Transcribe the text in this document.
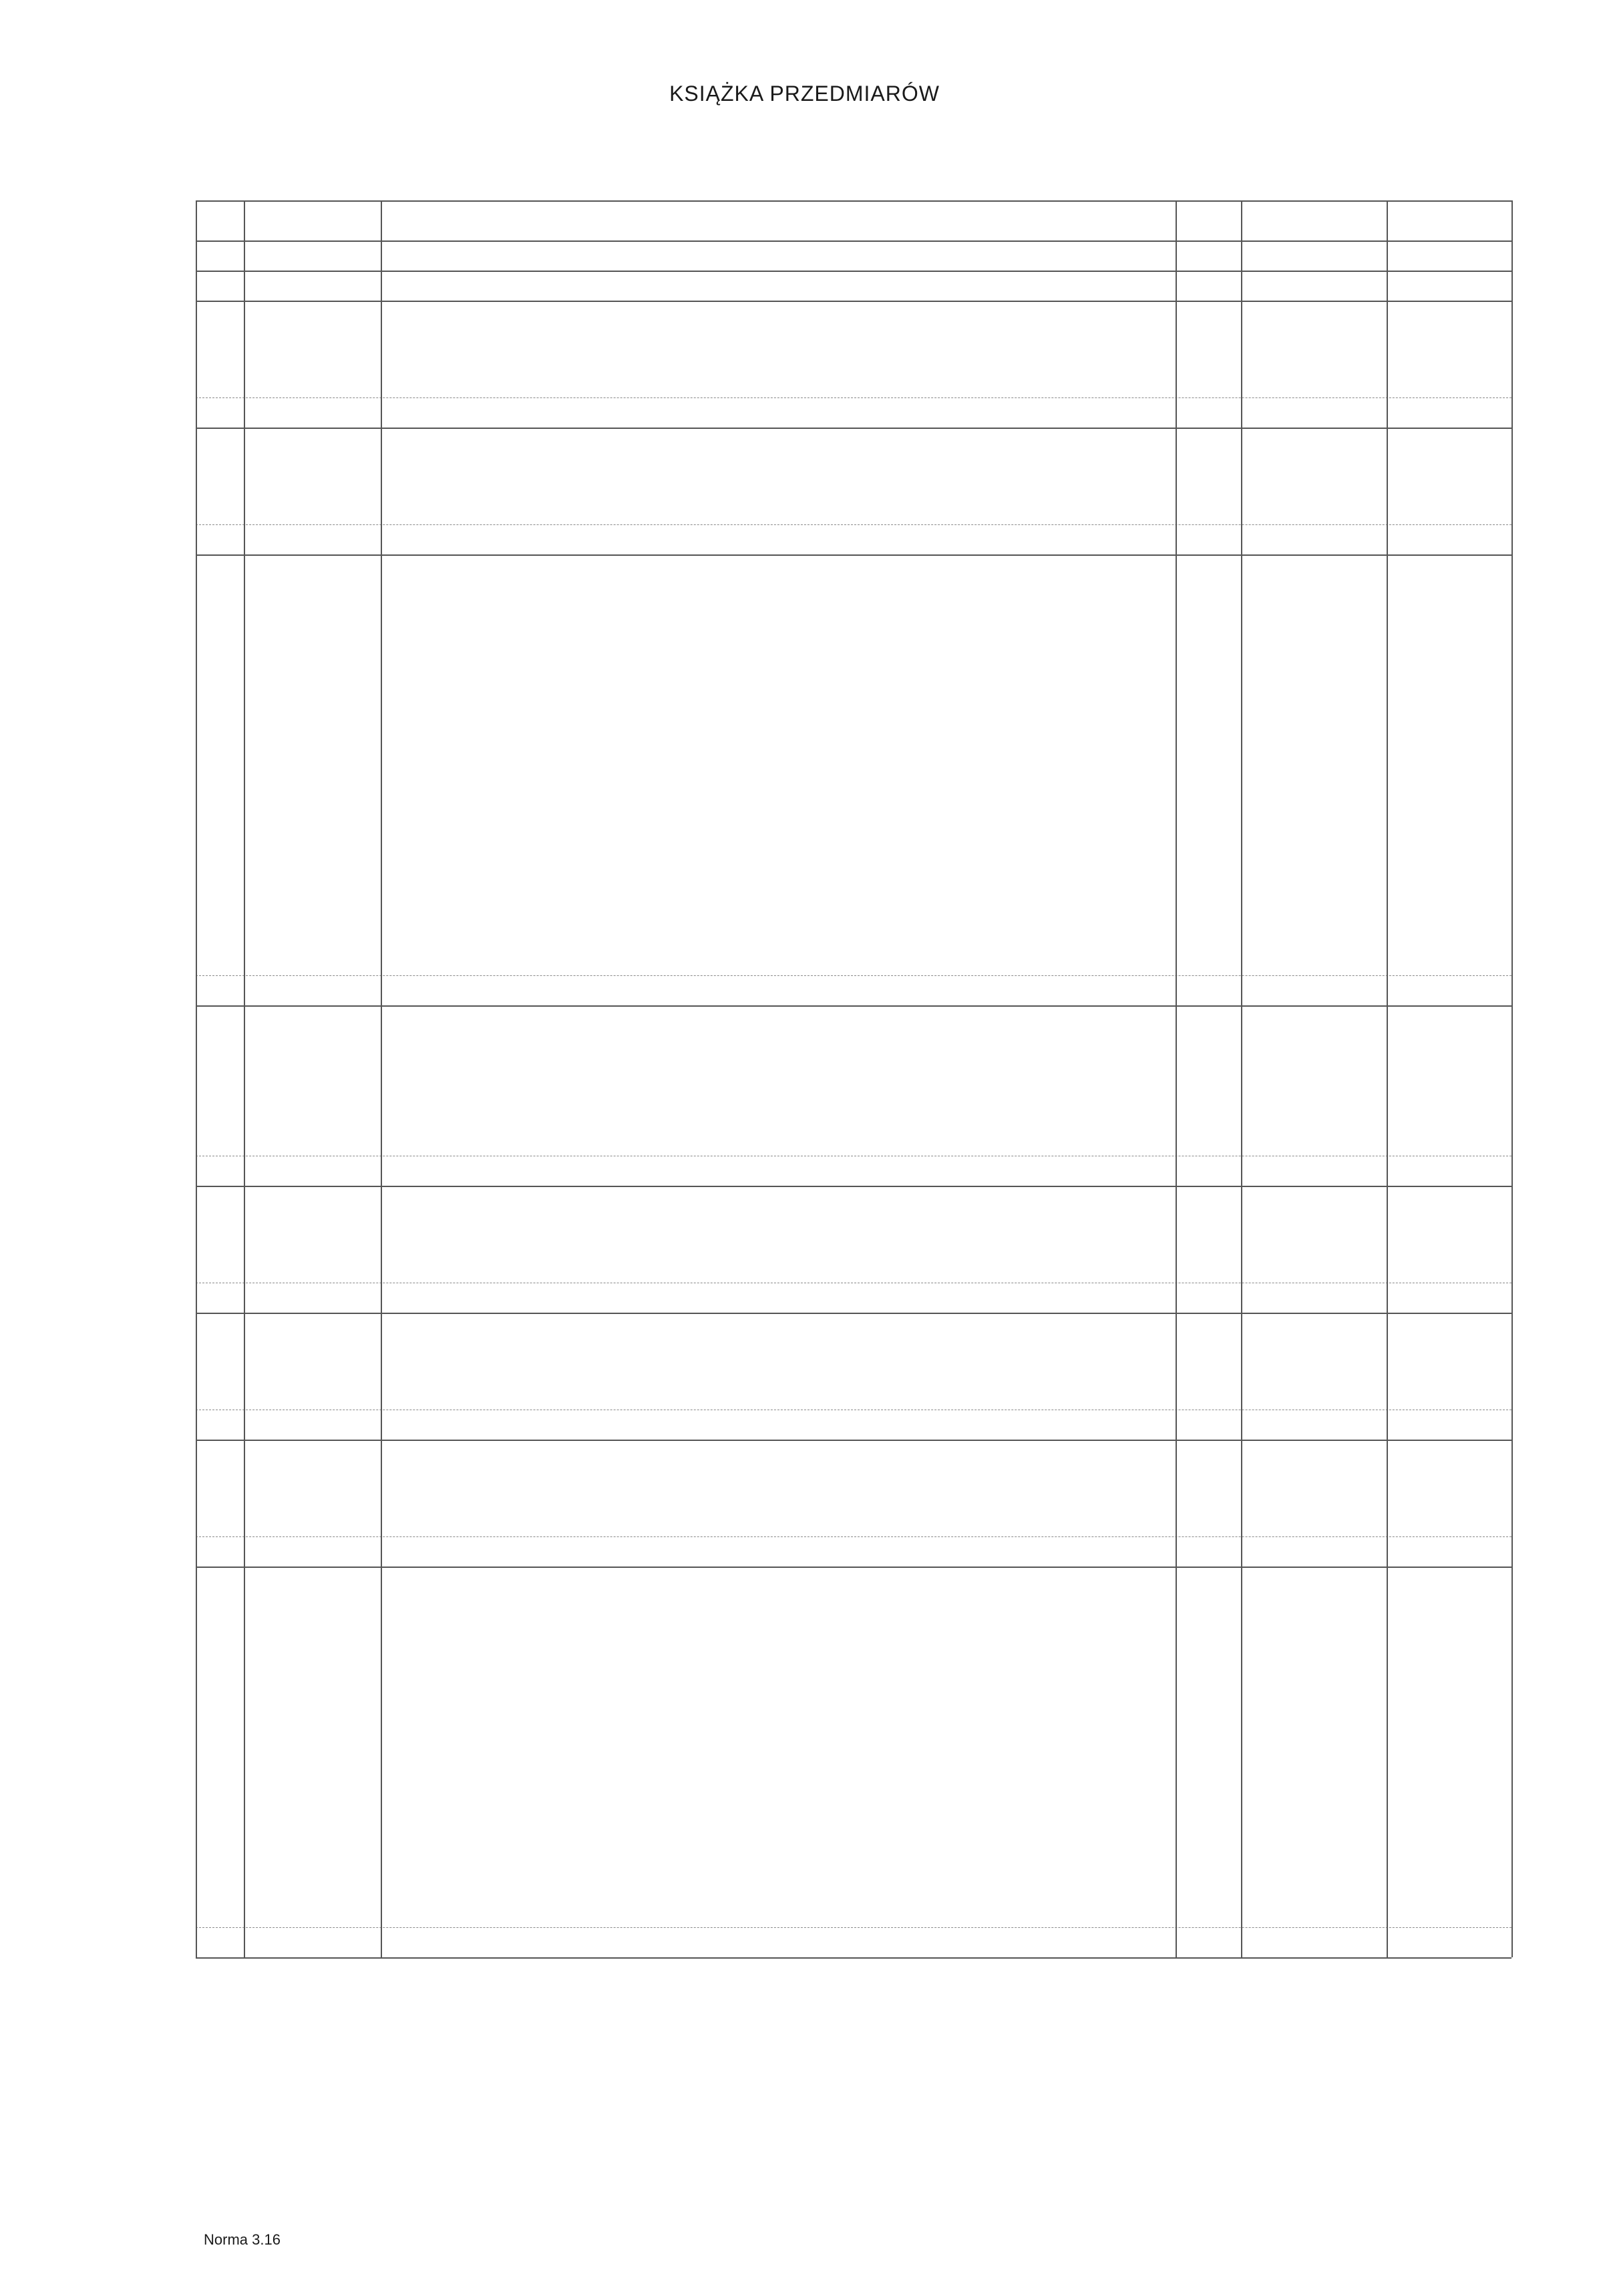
KSIĄŻKA PRZEDMIARÓW
Norma 3.16
